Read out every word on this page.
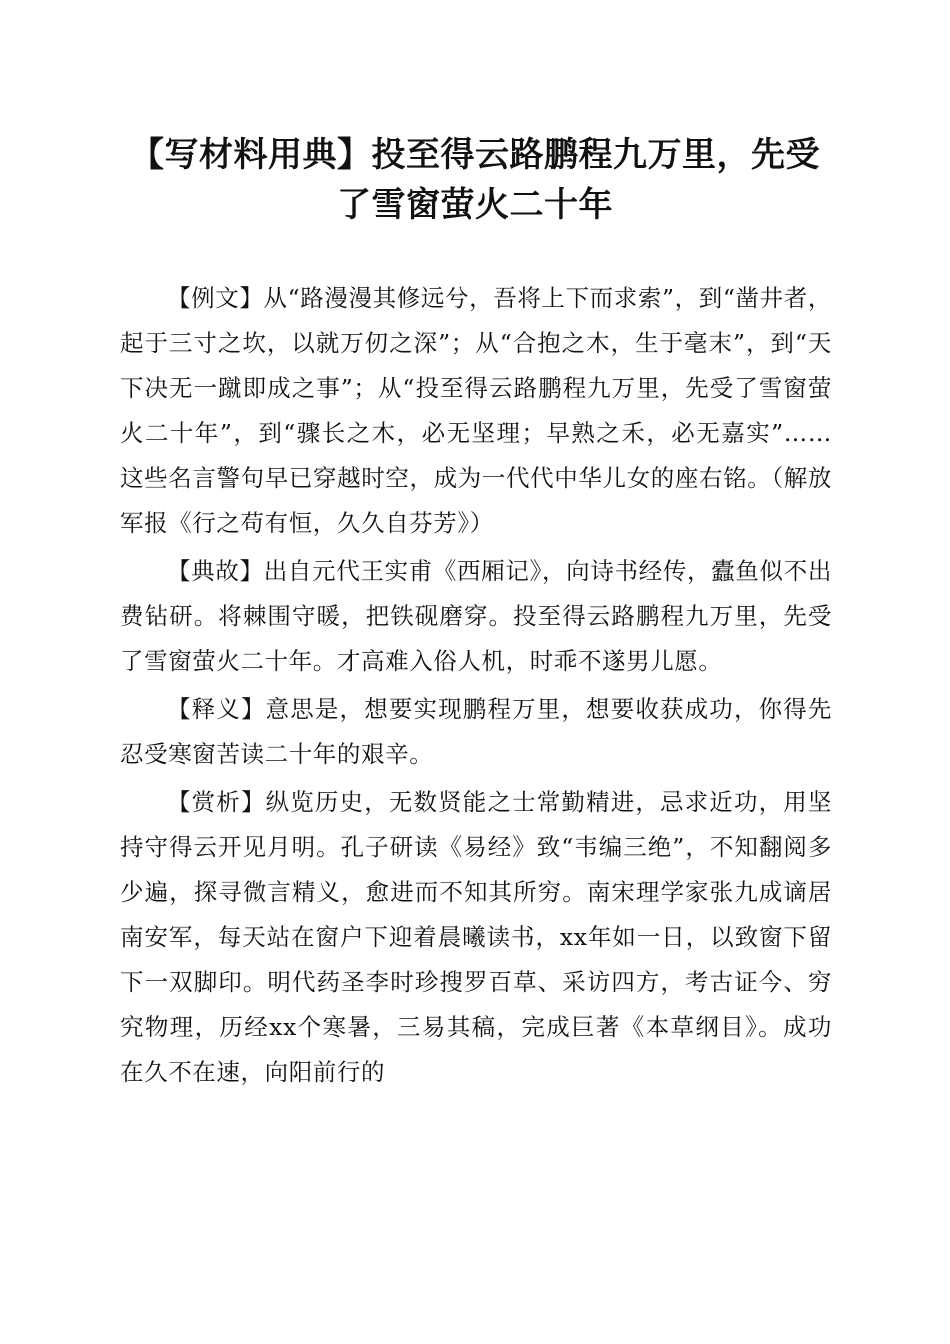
【写材料用典】投至得云路鹏程九万里，先受
了雪窗萤火二十年

【例文】从“路漫漫其修远兮，吾将上下而求索”，到“凿井者，起于三寸之坎，以就万仞之深”；从“合抱之木，生于毫末”，到“天下决无一蹴即成之事”；从“投至得云路鹏程九万里，先受了雪窗萤火二十年”，到“骤长之木，必无坚理；早熟之禾，必无嘉实”……这些名言警句早已穿越时空，成为一代代中华儿女的座右铭。（解放军报《行之苟有恒，久久自芬芳》）

【典故】出自元代王实甫《西厢记》，向诗书经传，蠹鱼似不出费钻研。将棘围守暖，把铁砚磨穿。投至得云路鹏程九万里，先受了雪窗萤火二十年。才高难入俗人机，时乖不遂男儿愿。

【释义】意思是，想要实现鹏程万里，想要收获成功，你得先忍受寒窗苦读二十年的艰辛。

【赏析】纵览历史，无数贤能之士常勤精进，忌求近功，用坚持守得云开见月明。孔子研读《易经》致“韦编三绝”，不知翻阅多少遍，探寻微言精义，愈进而不知其所穷。南宋理学家张九成谪居南安军，每天站在窗户下迎着晨曦读书，xx年如一日，以致窗下留下一双脚印。明代药圣李时珍搜罗百草、采访四方，考古证今、穷究物理，历经xx个寒暑，三易其稿，完成巨著《本草纲目》。成功在久不在速，向阳前行的
